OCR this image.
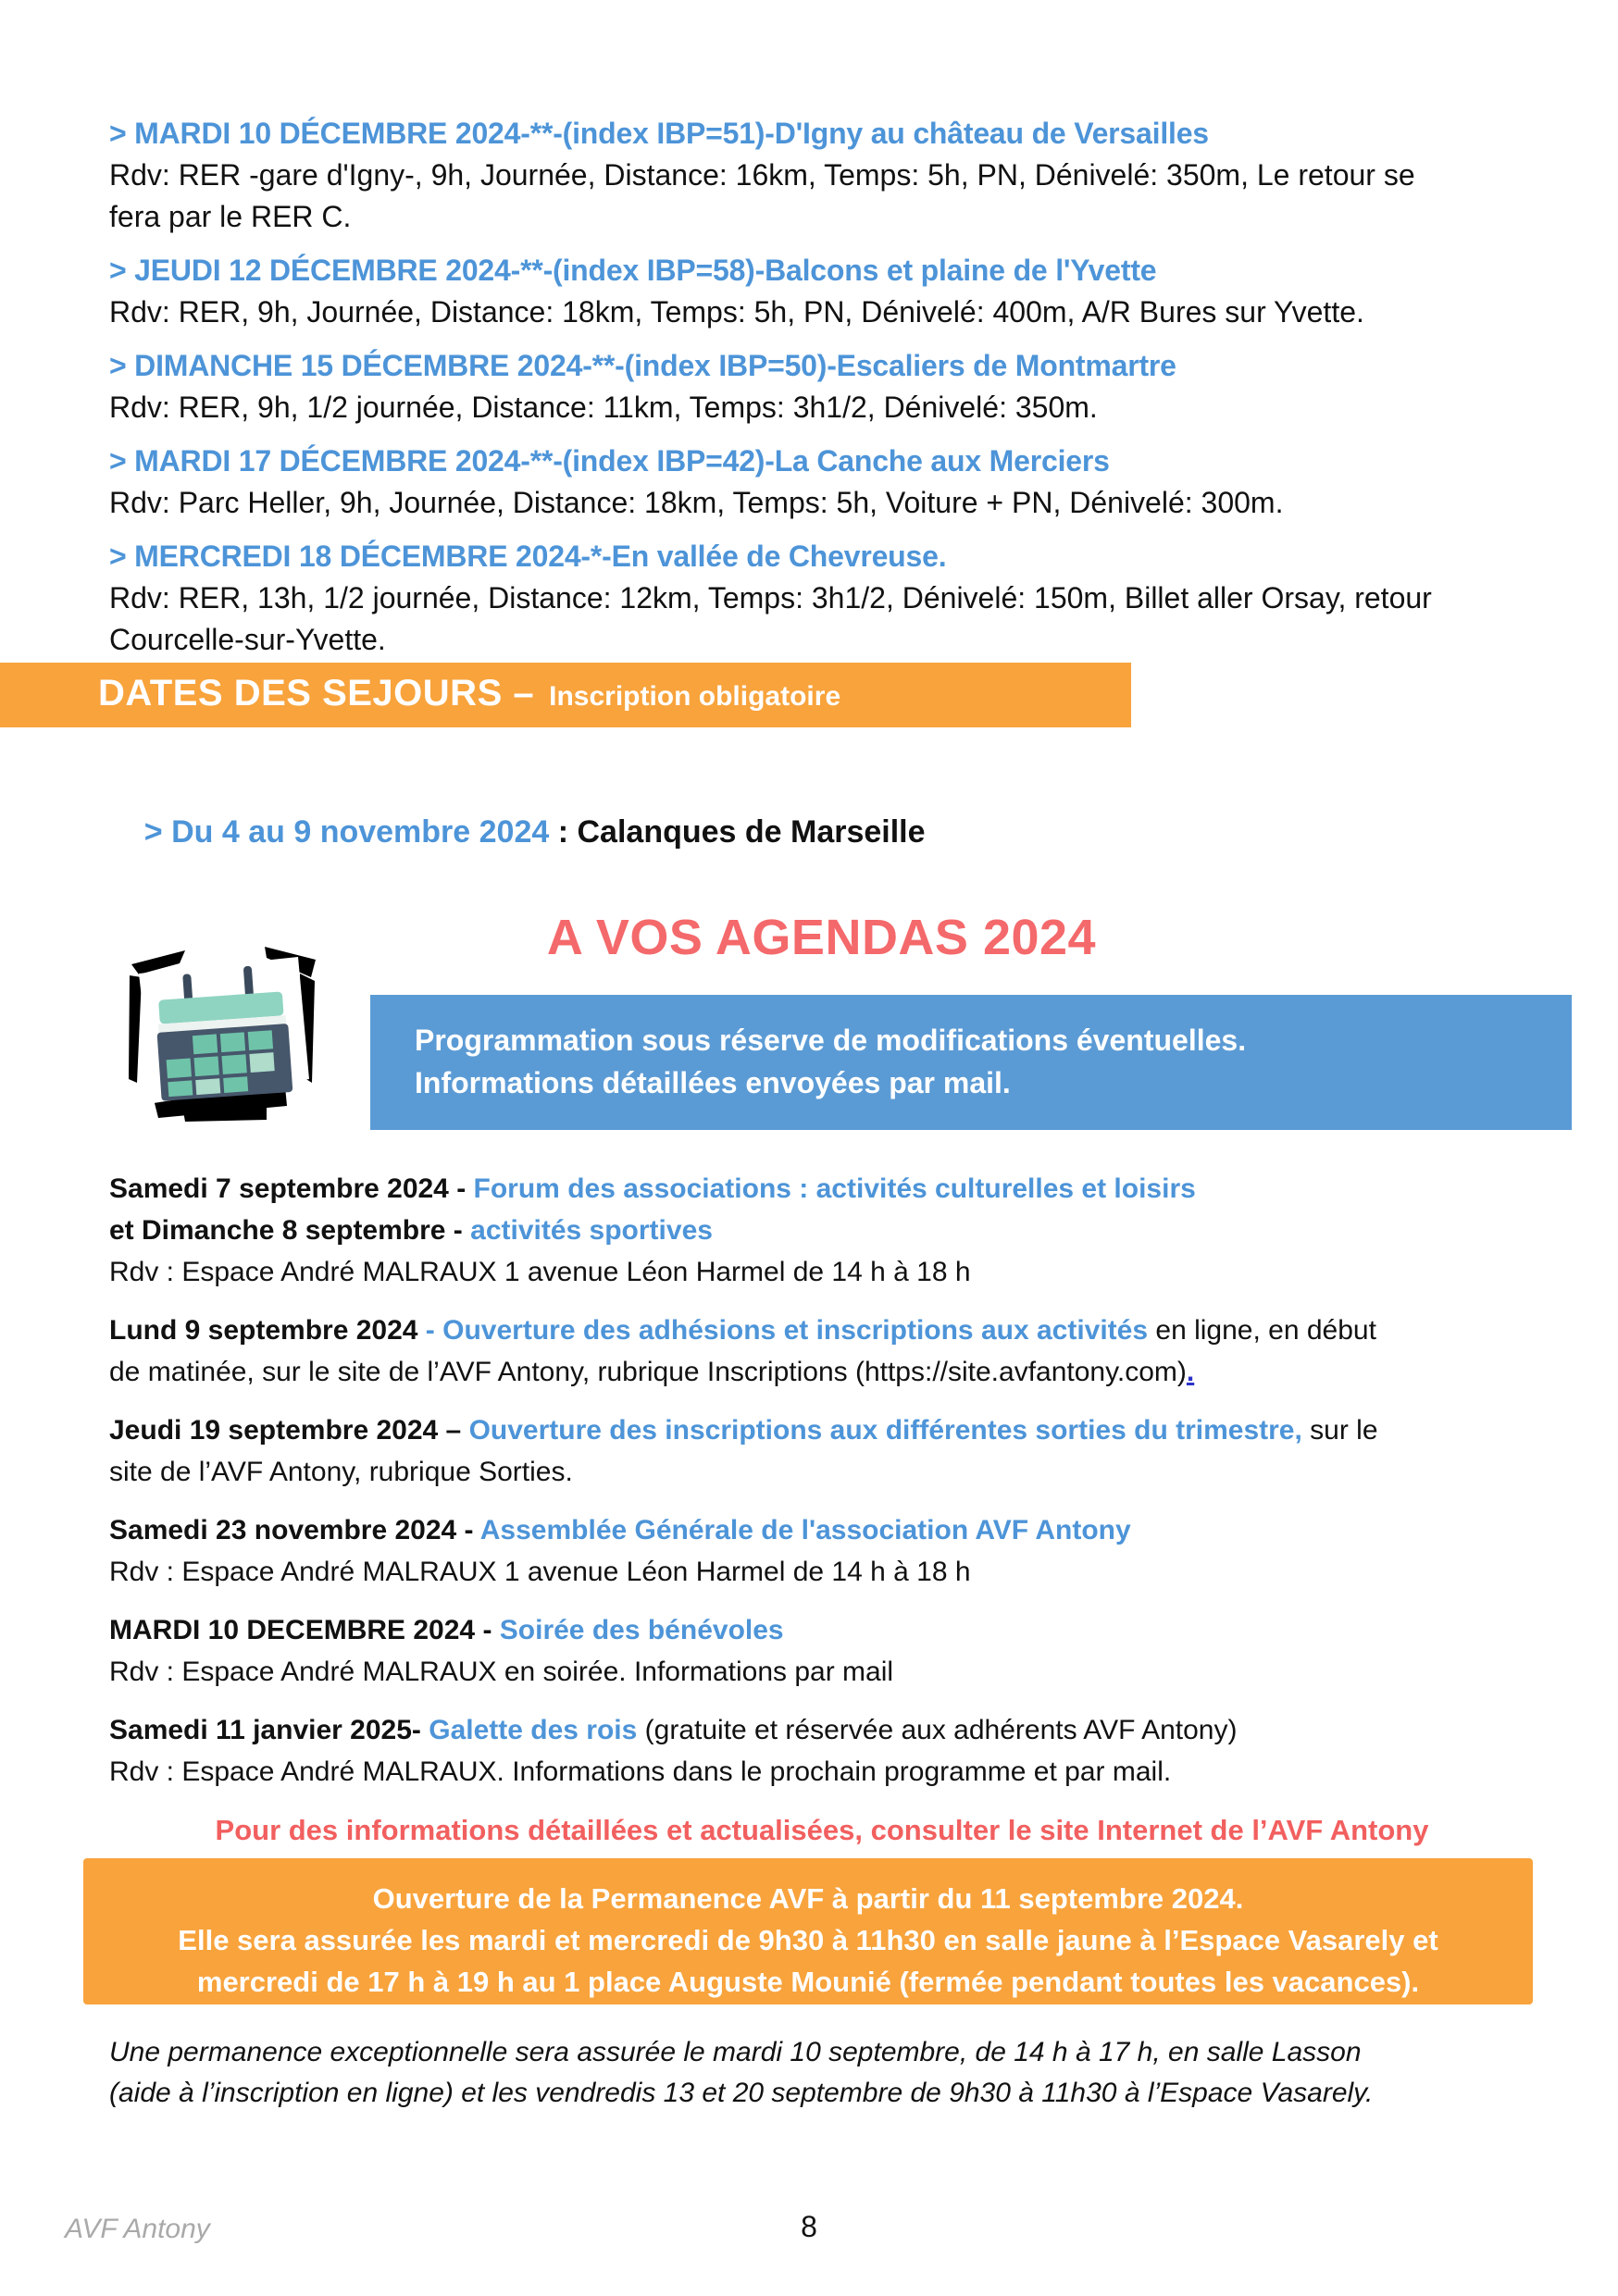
> MARDI 10 DÉCEMBRE 2024-**-(index IBP=51)-D'Igny au château de Versailles
Rdv: RER -gare d'Igny-, 9h, Journée, Distance: 16km, Temps: 5h, PN, Dénivelé: 350m, Le retour se
fera par le RER C.
> JEUDI 12 DÉCEMBRE 2024-**-(index IBP=58)-Balcons et plaine de l'Yvette
Rdv: RER, 9h, Journée, Distance: 18km, Temps: 5h, PN, Dénivelé: 400m, A/R Bures sur Yvette.
> DIMANCHE 15 DÉCEMBRE 2024-**-(index IBP=50)-Escaliers de Montmartre
Rdv: RER, 9h, 1/2 journée, Distance: 11km, Temps: 3h1/2, Dénivelé: 350m.
> MARDI 17 DÉCEMBRE 2024-**-(index IBP=42)-La Canche aux Merciers
Rdv: Parc Heller, 9h, Journée, Distance: 18km, Temps: 5h, Voiture + PN, Dénivelé: 300m.
> MERCREDI 18 DÉCEMBRE 2024-*-En vallée de Chevreuse.
Rdv: RER, 13h, 1/2 journée, Distance: 12km, Temps: 3h1/2, Dénivelé: 150m, Billet aller Orsay, retour
Courcelle-sur-Yvette.
DATES DES SEJOURS – Inscription obligatoire

> Du 4 au 9 novembre 2024 : Calanques de Marseille

A VOS AGENDAS 2024
Programmation sous réserve de modifications éventuelles.
Informations détaillées envoyées par mail.
Samedi 7 septembre 2024 - Forum des associations : activités culturelles et loisirs
et Dimanche 8 septembre - activités sportives
Rdv : Espace André MALRAUX 1 avenue Léon Harmel de 14 h à 18 h
Lund 9 septembre 2024 - Ouverture des adhésions et inscriptions aux activités en ligne, en début
de matinée, sur le site de l’AVF Antony, rubrique Inscriptions (https://site.avfantony.com).
Jeudi 19 septembre 2024 – Ouverture des inscriptions aux différentes sorties du trimestre, sur le
site de l’AVF Antony, rubrique Sorties.
Samedi 23 novembre 2024 - Assemblée Générale de l'association AVF Antony
Rdv : Espace André MALRAUX 1 avenue Léon Harmel de 14 h à 18 h
MARDI 10 DECEMBRE 2024 - Soirée des bénévoles
Rdv : Espace André MALRAUX en soirée. Informations par mail
Samedi 11 janvier 2025- Galette des rois (gratuite et réservée aux adhérents AVF Antony)
Rdv : Espace André MALRAUX. Informations dans le prochain programme et par mail.
Pour des informations détaillées et actualisées, consulter le site Internet de l’AVF Antony
Ouverture de la Permanence AVF à partir du 11 septembre 2024.
Elle sera assurée les mardi et mercredi de 9h30 à 11h30 en salle jaune à l’Espace Vasarely et
mercredi de 17 h à 19 h au 1 place Auguste Mounié (fermée pendant toutes les vacances).
Une permanence exceptionnelle sera assurée le mardi 10 septembre, de 14 h à 17 h, en salle Lasson
(aide à l’inscription en ligne) et les vendredis 13 et 20 septembre de 9h30 à 11h30 à l’Espace Vasarely.
AVF Antony	8
